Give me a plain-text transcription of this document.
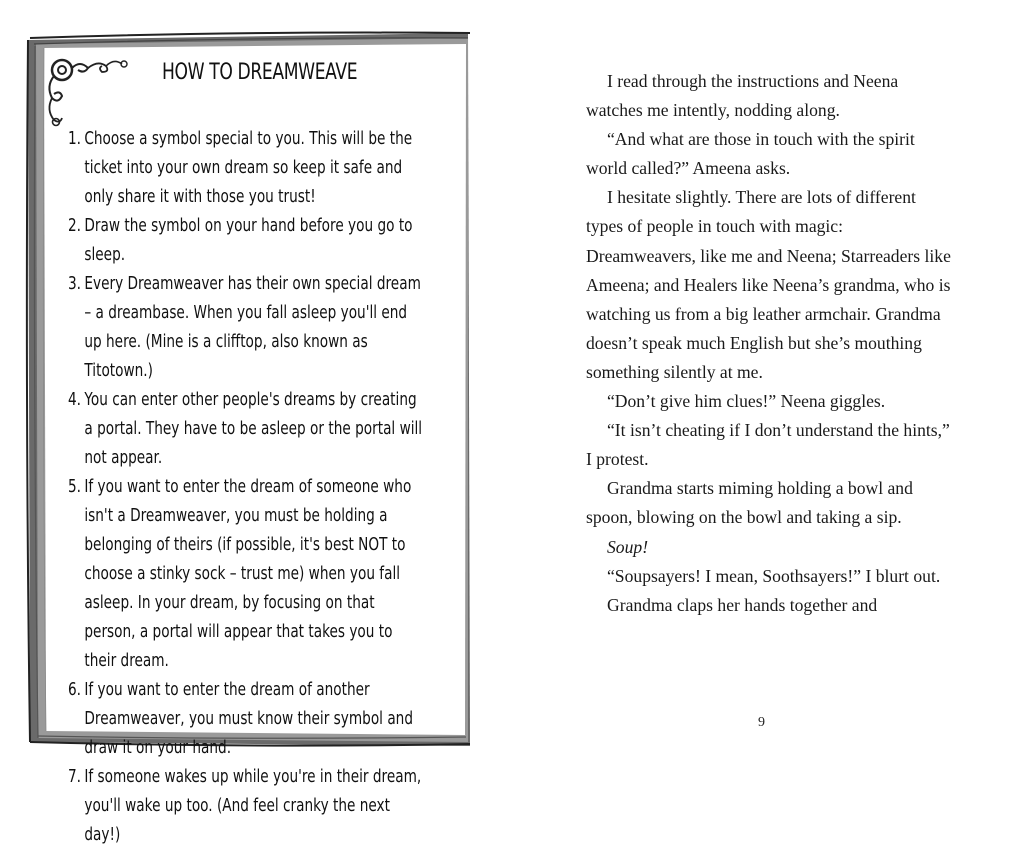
HOW TO DREAMWEAVE
1. Choose a symbol special to you. This will be the ticket into your own dream so keep it safe and only share it with those you trust!
2. Draw the symbol on your hand before you go to sleep.
3. Every Dreamweaver has their own special dream – a dreambase. When you fall asleep you'll end up here. (Mine is a clifftop, also known as Titotown.)
4. You can enter other people's dreams by creating a portal. They have to be asleep or the portal will not appear.
5. If you want to enter the dream of someone who isn't a Dreamweaver, you must be holding a belonging of theirs (if possible, it's best NOT to choose a stinky sock – trust me) when you fall asleep. In your dream, by focusing on that person, a portal will appear that takes you to their dream.
6. If you want to enter the dream of another Dreamweaver, you must know their symbol and draw it on your hand.
7. If someone wakes up while you're in their dream, you'll wake up too. (And feel cranky the next day!)

I read through the instructions and Neena watches me intently, nodding along.

“And what are those in touch with the spirit world called?” Ameena asks.

I hesitate slightly. There are lots of different types of people in touch with magic: Dreamweavers, like me and Neena; Starreaders like Ameena; and Healers like Neena’s grandma, who is watching us from a big leather armchair. Grandma doesn’t speak much English but she’s mouthing something silently at me.

“Don’t give him clues!” Neena giggles.

“It isn’t cheating if I don’t understand the hints,” I protest.

Grandma starts miming holding a bowl and spoon, blowing on the bowl and taking a sip.

Soup!

“Soupsayers! I mean, Soothsayers!” I blurt out.

Grandma claps her hands together and

9
